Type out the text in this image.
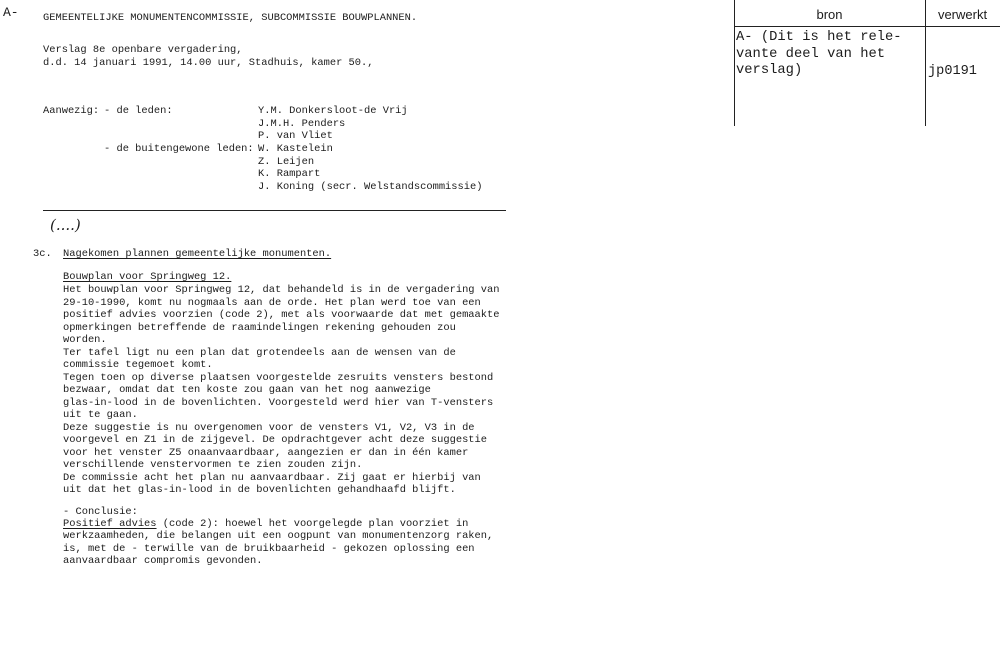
A- GEMEENTELIJKE MONUMENTENCOMMISSIE, SUBCOMMISSIE BOUWPLANNEN.
Verslag 8e openbare vergadering,
d.d. 14 januari 1991, 14.00 uur, Stadhuis, kamer 50.,
Aanwezig: - de leden:	Y.M. Donkersloot-de Vrij
J.M.H. Penders
P. van Vliet
- de buitengewone leden: W. Kastelein
Z. Leijen
K. Rampart
J. Koning (secr. Welstandscommissie)
(....)
3c. Nagekomen plannen gemeentelijke monumenten.
Bouwplan voor Springweg 12.
Het bouwplan voor Springweg 12, dat behandeld is in de vergadering van
29-10-1990, komt nu nogmaals aan de orde. Het plan werd toe van een
positief advies voorzien (code 2), met als voorwaarde dat met gemaakte
opmerkingen betreffende de raamindelingen rekening gehouden zou
worden.
Ter tafel ligt nu een plan dat grotendeels aan de wensen van de
commissie tegemoet komt.
Tegen toen op diverse plaatsen voorgestelde zesruits vensters bestond
bezwaar, omdat dat ten koste zou gaan van het nog aanwezige
glas-in-lood in de bovenlichten. Voorgesteld werd hier van T-vensters
uit te gaan.
Deze suggestie is nu overgenomen voor de vensters V1, V2, V3 in de
voorgevel en Z1 in de zijgevel. De opdrachtgever acht deze suggestie
voor het venster Z5 onaanvaardbaar, aangezien er dan in één kamer
verschillende venstervormen te zien zouden zijn.
De commissie acht het plan nu aanvaardbaar. Zij gaat er hierbij van
uit dat het glas-in-lood in de bovenlichten gehandhaafd blijft.
- Conclusie:
Positief advies (code 2): hoewel het voorgelegde plan voorziet in
werkzaamheden, die belangen uit een oogpunt van monumentenzorg raken,
is, met de - terwille van de bruikbaarheid - gekozen oplossing een
aanvaardbaar compromis gevonden.
bron	verwerkt
A- (Dit is het rele-
vante deel van het
verslag)	jp0191
